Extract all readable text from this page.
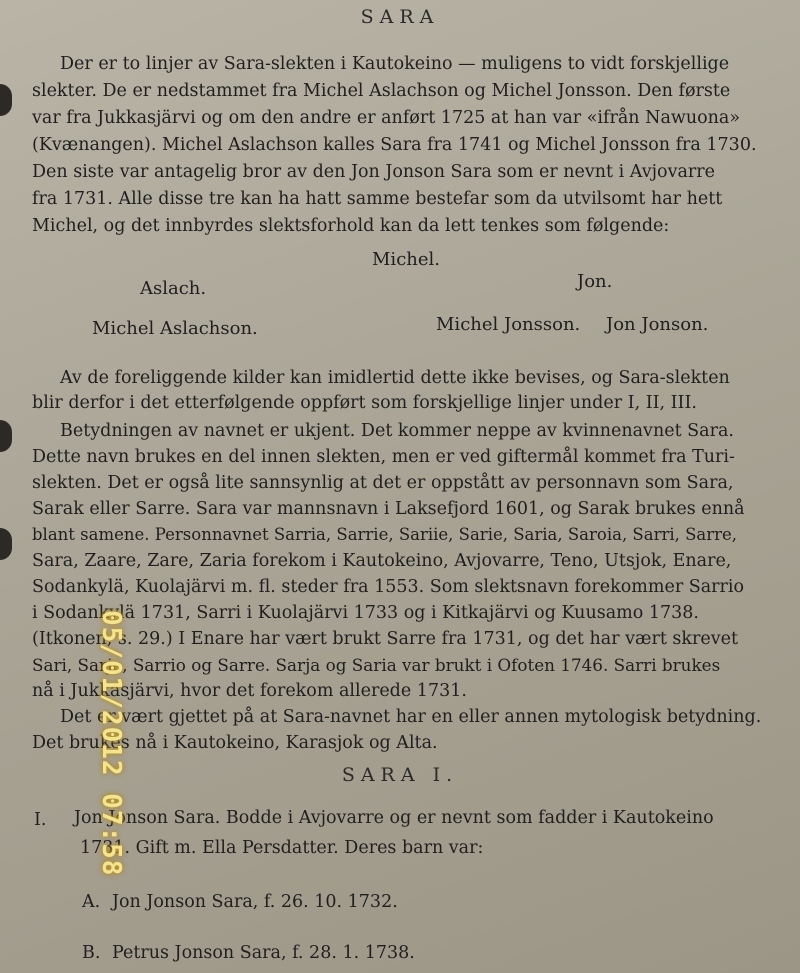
SARA
Der er to linjer av Sara-slekten i Kautokeino — muligens to vidt forskjellige
slekter. De er nedstammet fra Michel Aslachson og Michel Jonsson. Den første
var fra Jukkasjärvi og om den andre er anført 1725 at han var «ifrån Nawuona»
(Kvænangen). Michel Aslachson kalles Sara fra 1741 og Michel Jonsson fra 1730.
Den siste var antagelig bror av den Jon Jonson Sara som er nevnt i Avjovarre
fra 1731. Alle disse tre kan ha hatt samme bestefar som da utvilsomt har hett
Michel, og det innbyrdes slektsforhold kan da lett tenkes som følgende:
Michel.
Aslach.	Jon.
Michel Aslachson.	Michel Jonsson. Jon Jonson.
Av de foreliggende kilder kan imidlertid dette ikke bevises, og Sara-slekten
blir derfor i det etterfølgende oppført som forskjellige linjer under I, II, III.
Betydningen av navnet er ukjent. Det kommer neppe av kvinnenavnet Sara.
Dette navn brukes en del innen slekten, men er ved giftermål kommet fra Turi-
slekten. Det er også lite sannsynlig at det er oppstått av personnavn som Sara,
Sarak eller Sarre. Sara var mannsnavn i Laksefjord 1601, og Sarak brukes ennå
blant samene. Personnavnet Sarria, Sarrie, Sariie, Sarie, Saria, Saroia, Sarri, Sarre,
Sara, Zaare, Zare, Zaria forekom i Kautokeino, Avjovarre, Teno, Utsjok, Enare,
Sodankylä, Kuolajärvi m. fl. steder fra 1553. Som slektsnavn forekommer Sarrio
i Sodankylä 1731, Sarri i Kuolajärvi 1733 og i Kitkajärvi og Kuusamo 1738.
(Itkonen, s. 29.) I Enare har vært brukt Sarre fra 1731, og det har vært skrevet
Sari, Sarje, Sarrio og Sarre. Sarja og Saria var brukt i Ofoten 1746. Sarri brukes
nå i Jukkasjärvi, hvor det forekom allerede 1731.
Det er vært gjettet på at Sara-navnet har en eller annen mytologisk betydning.
Det brukes nå i Kautokeino, Karasjok og Alta.
SARA I.
I. Jon Jonson Sara. Bodde i Avjovarre og er nevnt som fadder i Kautokeino
1731. Gift m. Ella Persdatter. Deres barn var:
A. Jon Jonson Sara, f. 26. 10. 1732.
B. Petrus Jonson Sara, f. 28. 1. 1738.
05/01/2012 07:58
